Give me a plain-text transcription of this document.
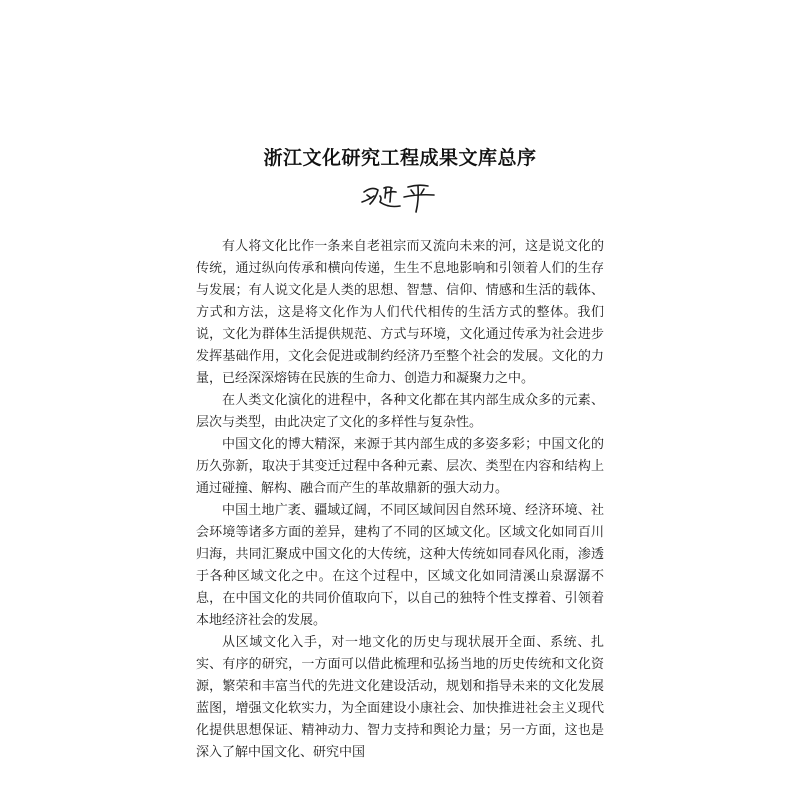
浙江文化研究工程成果文库总序

有人将文化比作一条来自老祖宗而又流向未来的河，这是说文化的传统，通过纵向传承和横向传递，生生不息地影响和引领着人们的生存与发展；有人说文化是人类的思想、智慧、信仰、情感和生活的载体、方式和方法，这是将文化作为人们代代相传的生活方式的整体。我们说，文化为群体生活提供规范、方式与环境，文化通过传承为社会进步发挥基础作用，文化会促进或制约经济乃至整个社会的发展。文化的力量，已经深深熔铸在民族的生命力、创造力和凝聚力之中。

在人类文化演化的进程中，各种文化都在其内部生成众多的元素、层次与类型，由此决定了文化的多样性与复杂性。

中国文化的博大精深，来源于其内部生成的多姿多彩；中国文化的历久弥新，取决于其变迁过程中各种元素、层次、类型在内容和结构上通过碰撞、解构、融合而产生的革故鼎新的强大动力。

中国土地广袤、疆域辽阔，不同区域间因自然环境、经济环境、社会环境等诸多方面的差异，建构了不同的区域文化。区域文化如同百川归海，共同汇聚成中国文化的大传统，这种大传统如同春风化雨，渗透于各种区域文化之中。在这个过程中，区域文化如同清溪山泉潺潺不息，在中国文化的共同价值取向下，以自己的独特个性支撑着、引领着本地经济社会的发展。

从区域文化入手，对一地文化的历史与现状展开全面、系统、扎实、有序的研究，一方面可以借此梳理和弘扬当地的历史传统和文化资源，繁荣和丰富当代的先进文化建设活动，规划和指导未来的文化发展蓝图，增强文化软实力，为全面建设小康社会、加快推进社会主义现代化提供思想保证、精神动力、智力支持和舆论力量；另一方面，这也是深入了解中国文化、研究中国
